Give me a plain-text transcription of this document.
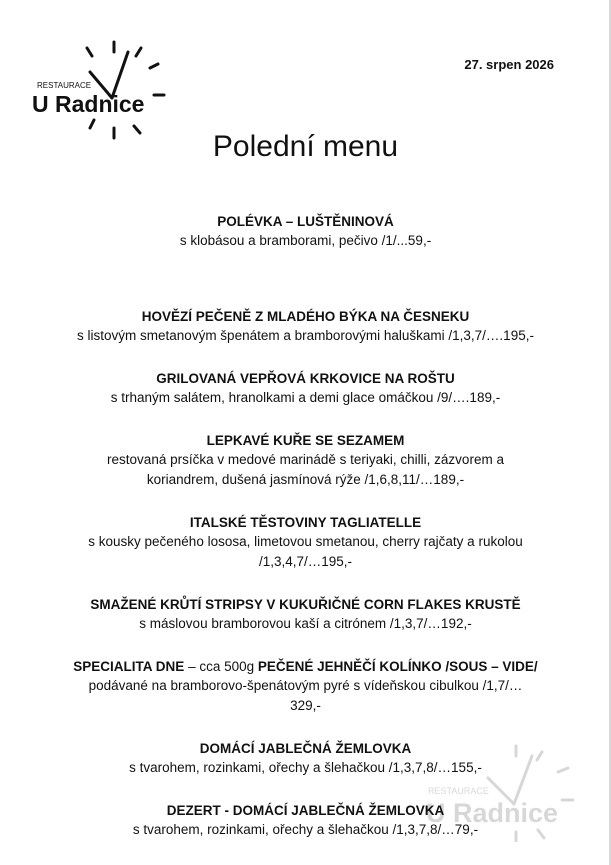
RESTAURACE
U Radnice
27. srpen 2026
Polední menu
POLÉVKA – LUŠTĚNINOVÁ
s klobásou a bramborami, pečivo /1/...59,-
HOVĚZÍ PEČENĚ Z MLADÉHO BÝKA NA ČESNEKU
s listovým smetanovým špenátem a bramborovými haluškami /1,3,7/….195,-
GRILOVANÁ VEPŘOVÁ KRKOVICE NA ROŠTU
s trhaným salátem, hranolkami a demi glace omáčkou /9/….189,-
LEPKAVÉ KUŘE SE SEZAMEM
restovaná prsíčka v medové marinádě s teriyaki, chilli, zázvorem a koriandrem, dušená jasmínová rýže /1,6,8,11/…189,-
ITALSKÉ TĚSTOVINY TAGLIATELLE
s kousky pečeného lososa, limetovou smetanou, cherry rajčaty a rukolou /1,3,4,7/…195,-
SMAŽENÉ KRŮTÍ STRIPSY V KUKUŘIČNÉ CORN FLAKES KRUSTĚ
s máslovou bramborovou kaší a citrónem /1,3,7/…192,-
SPECIALITA DNE – cca 500g PEČENÉ JEHNĚČÍ KOLÍNKO /SOUS – VIDE/
podávané na bramborovo-špenátovým pyré s vídeňskou cibulkou /1,7/…329,-
DOMÁCÍ JABLEČNÁ ŽEMLOVKA
s tvarohem, rozinkami, ořechy a šlehačkou /1,3,7,8/…155,-
DEZERT - DOMÁCÍ JABLEČNÁ ŽEMLOVKA
s tvarohem, rozinkami, ořechy a šlehačkou /1,3,7,8/…79,-
RESTAURACE
U Radnice
